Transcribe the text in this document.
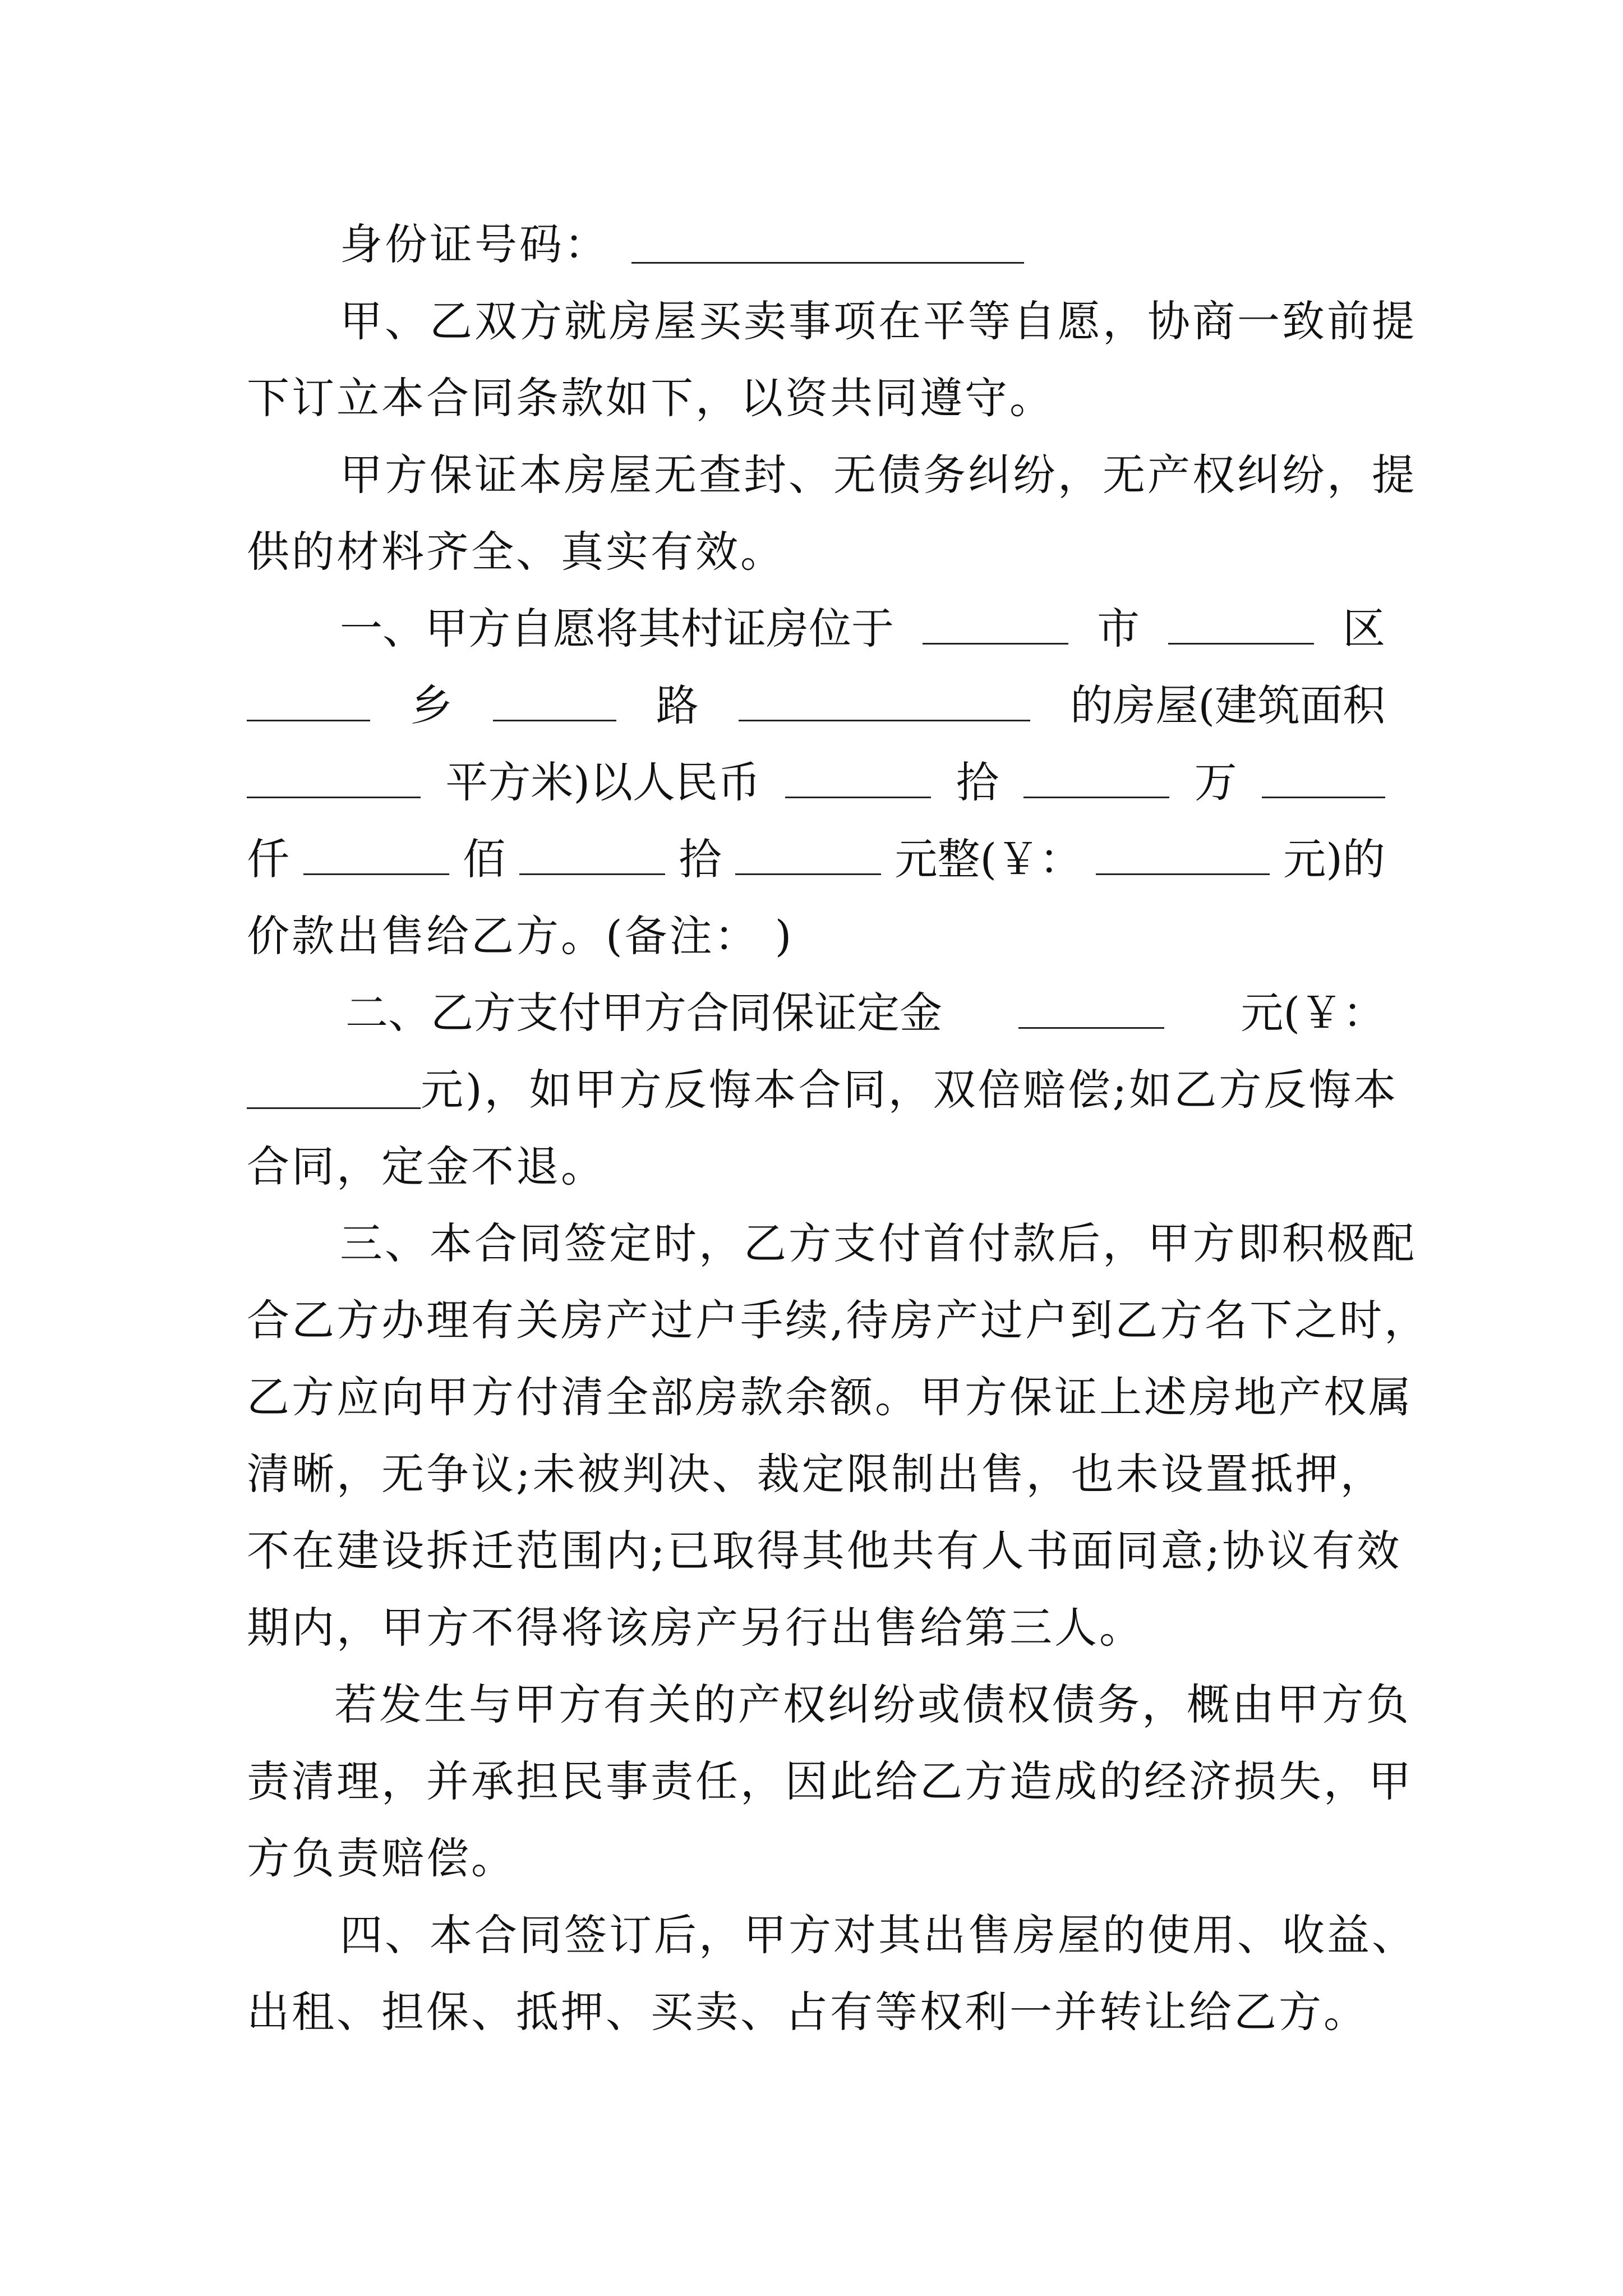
身份证号码：
甲、乙双方就房屋买卖事项在平等自愿，协商一致前提
下订立本合同条款如下，以资共同遵守。
甲方保证本房屋无查封、无债务纠纷，无产权纠纷，提
供的材料齐全、真实有效。
一、甲方自愿将其村证房位于	市	区
乡	路	的房屋(建筑面积
平方米)以人民币	拾	万
仟	佰	拾	元整(￥：	元)的
价款出售给乙方。(备注： )
二、乙方支付甲方合同保证定金	元(￥：
元)，如甲方反悔本合同，双倍赔偿;如乙方反悔本
合同，定金不退。
三、本合同签定时，乙方支付首付款后，甲方即积极配
合乙方办理有关房产过户手续,待房产过户到乙方名下之时，
乙方应向甲方付清全部房款余额。甲方保证上述房地产权属
清晰，无争议;未被判决、裁定限制出售，也未设置抵押，
不在建设拆迁范围内;已取得其他共有人书面同意;协议有效
期内，甲方不得将该房产另行出售给第三人。
若发生与甲方有关的产权纠纷或债权债务，概由甲方负
责清理，并承担民事责任，因此给乙方造成的经济损失，甲
方负责赔偿。
四、本合同签订后，甲方对其出售房屋的使用、收益、
出租、担保、抵押、买卖、占有等权利一并转让给乙方。
